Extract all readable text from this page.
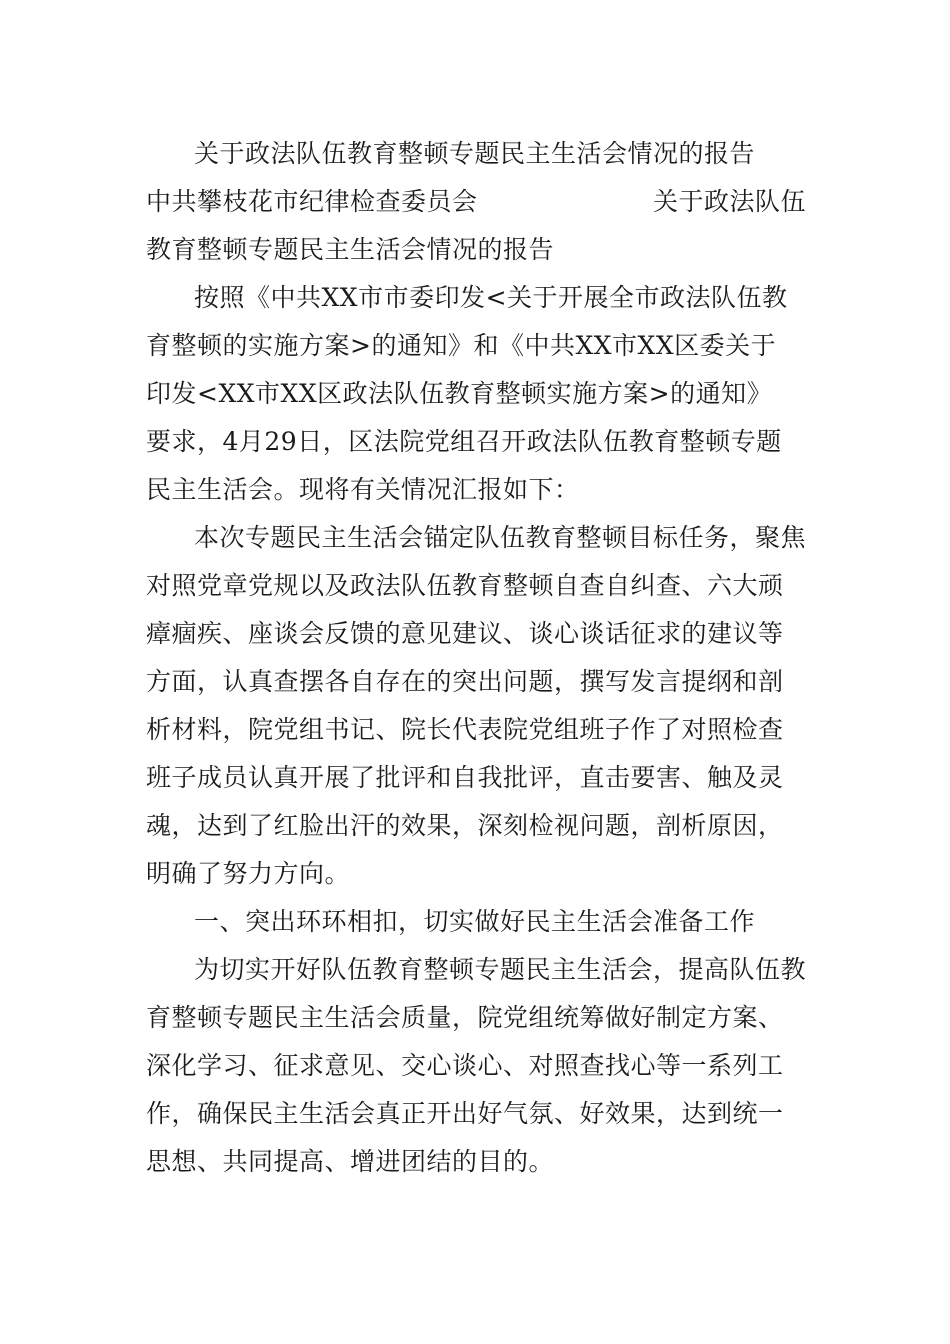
关于政法队伍教育整顿专题民主生活会情况的报告
中共攀枝花市纪律检查委员会	关于政法队伍
教育整顿专题民主生活会情况的报告
按照《中共XX市市委印发<关于开展全市政法队伍教
育整顿的实施方案>的通知》和《中共XX市XX区委关于
印发<XX市XX区政法队伍教育整顿实施方案>的通知》
要求，4月29日，区法院党组召开政法队伍教育整顿专题
民主生活会。现将有关情况汇报如下：
本次专题民主生活会锚定队伍教育整顿目标任务，聚焦
对照党章党规以及政法队伍教育整顿自查自纠查、六大顽
瘴痼疾、座谈会反馈的意见建议、谈心谈话征求的建议等
方面，认真查摆各自存在的突出问题，撰写发言提纲和剖
析材料，院党组书记、院长代表院党组班子作了对照检查
班子成员认真开展了批评和自我批评，直击要害、触及灵
魂，达到了红脸出汗的效果，深刻检视问题，剖析原因，
明确了努力方向。
一、突出环环相扣，切实做好民主生活会准备工作
为切实开好队伍教育整顿专题民主生活会，提高队伍教
育整顿专题民主生活会质量，院党组统筹做好制定方案、
深化学习、征求意见、交心谈心、对照查找心等一系列工
作，确保民主生活会真正开出好气氛、好效果，达到统一
思想、共同提高、增进团结的目的。
